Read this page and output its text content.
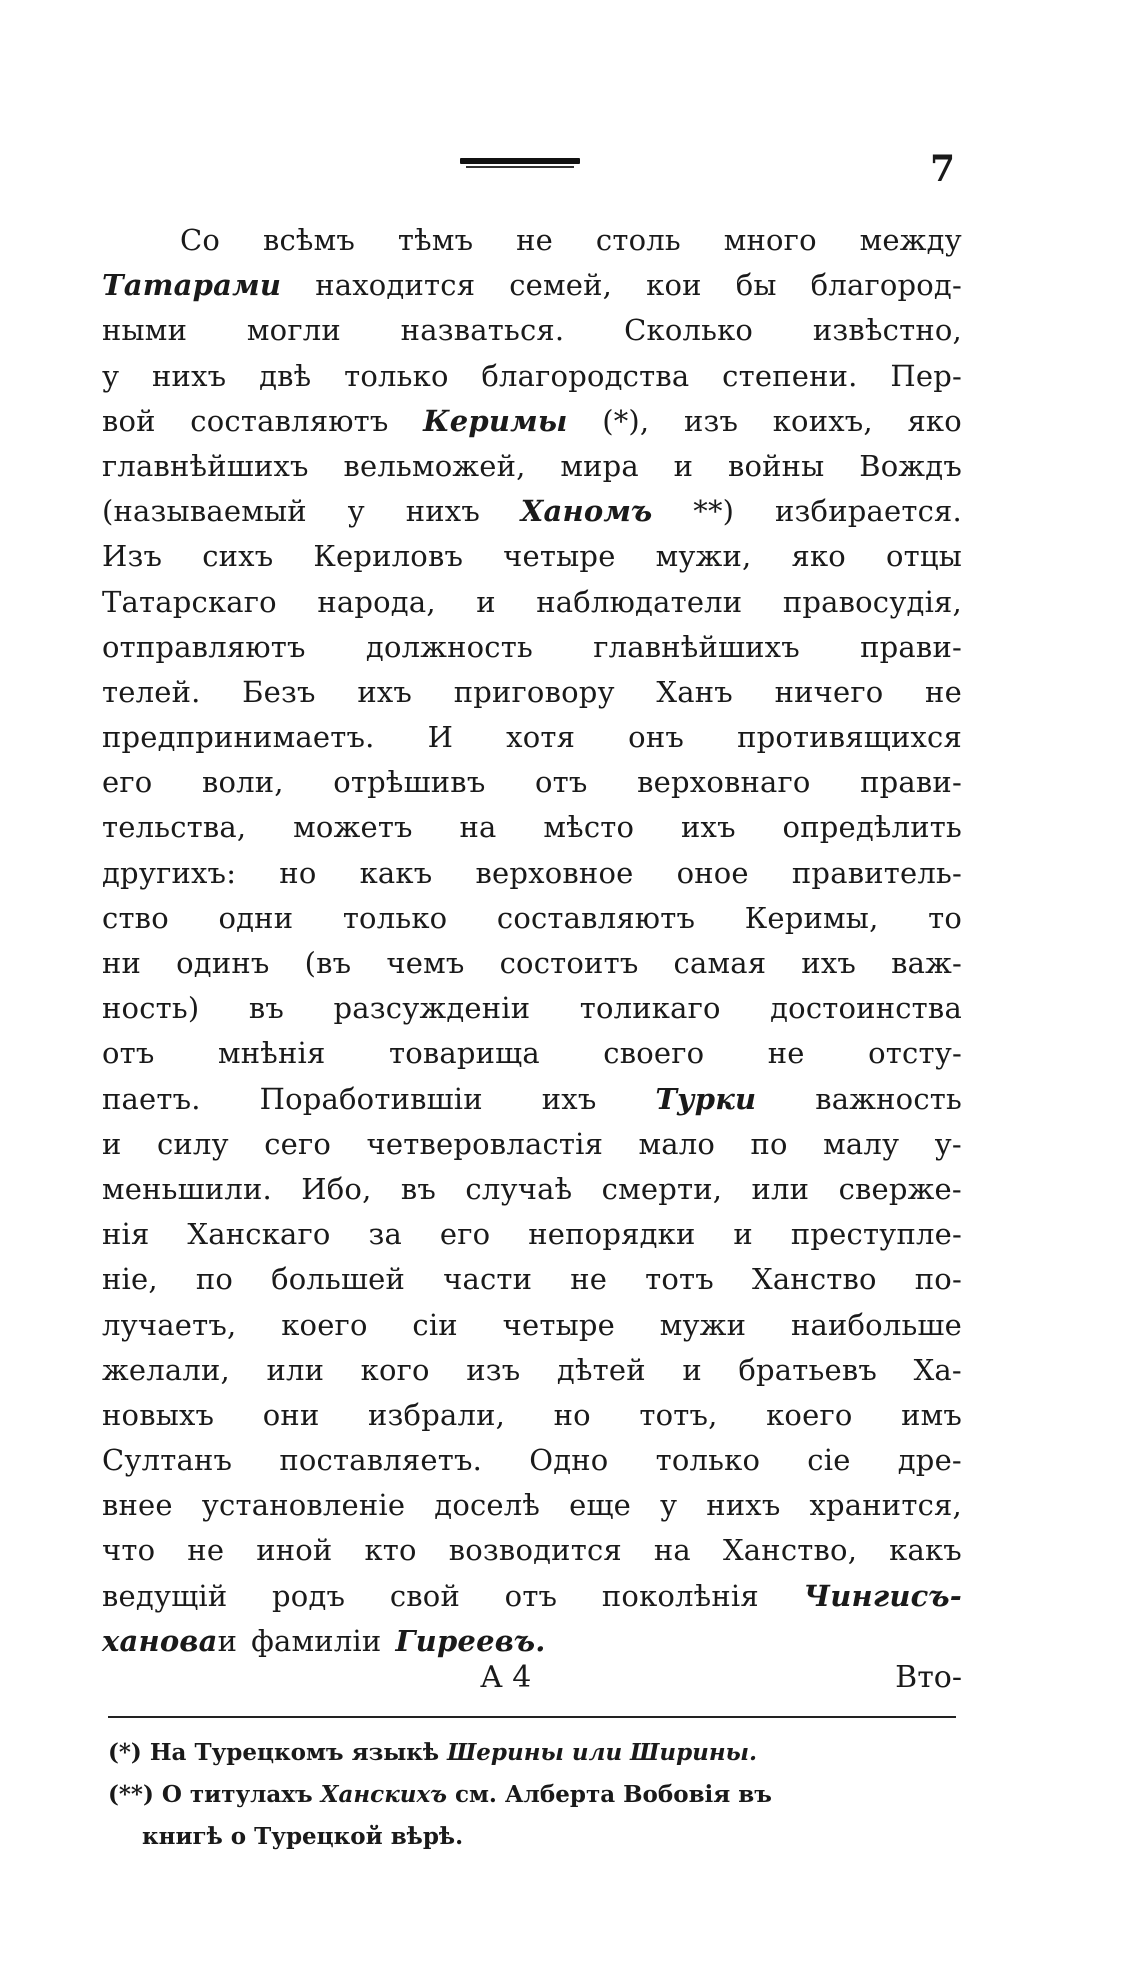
7
Со всѣмъ тѣмъ не столь много между
Татарами находится семей, кои бы благород-
ными могли назваться. Сколько извѣстно,
у нихъ двѣ только благородства степени. Пер-
вой составляютъ Керимы (*), изъ коихъ, яко
главнѣйшихъ вельможей, мира и войны Вождъ
(называемый у нихъ Ханомъ **) избирается.
Изъ сихъ Кериловъ четыре мужи, яко отцы
Татарскаго народа, и наблюдатели правосудія,
отправляютъ должность главнѣйшихъ прави-
телей. Безъ ихъ приговору Ханъ ничего не
предпринимаетъ. И хотя онъ противящихся
его воли, отрѣшивъ отъ верховнаго прави-
тельства, можетъ на мѣсто ихъ опредѣлить
другихъ: но какъ верховное оное правитель-
ство одни только составляютъ Керимы, то
ни одинъ (въ чемъ состоитъ самая ихъ важ-
ность) въ разсужденіи толикаго достоинства
отъ мнѣнія товарища своего не отсту-
паетъ. Поработившіи ихъ Турки важность
и силу сего четверовластія мало по малу у-
меньшили. Ибо, въ случаѣ смерти, или сверже-
нія Ханскаго за его непорядки и преступле-
ніе, по большей части не тотъ Ханство по-
лучаетъ, коего сіи четыре мужи наибольше
желали, или кого изъ дѣтей и братьевъ Ха-
новыхъ они избрали, но тотъ, коего имъ
Султанъ поставляетъ. Одно только сіе дре-
внее установленіе доселѣ еще у нихъ хранится,
что не иной кто возводится на Ханство, какъ
ведущій родъ свой отъ поколѣнія Чингисъ-
ханова и фамиліи Гиреевъ.
А 4	Вто-
(*) На Турецкомъ языкѣ Шерины или Ширины.
(**) О титулахъ Ханскихъ см. Алберта Вобовія въ
книгѣ о Турецкой вѣрѣ.
